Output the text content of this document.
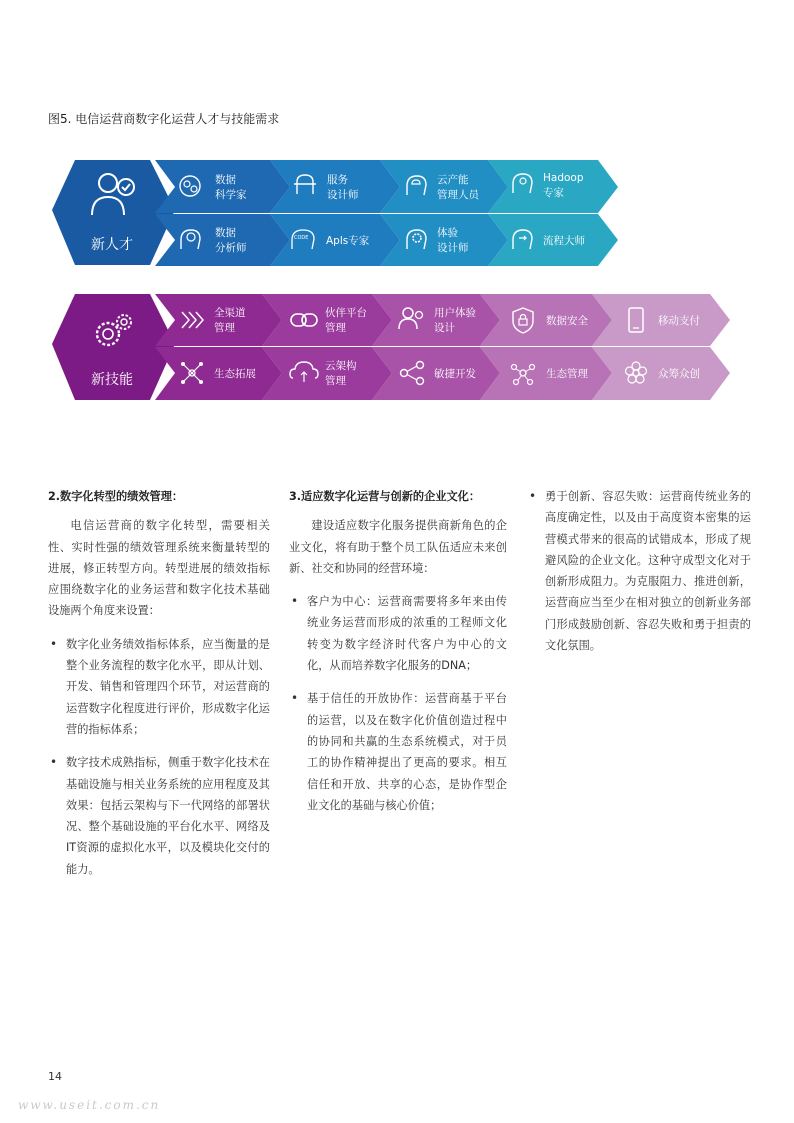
图5. 电信运营商数字化运营人才与技能需求
新人才
数据
科学家
服务
设计师
云产能
管理人员
Hadoop
专家
数据
分析师
CODE Apls专家
体验
设计师
流程大师
新技能
全渠道
管理
伙伴平台
管理
用户体验
设计
数据安全	移动支付
生态拓展
云架构
管理
敏捷开发	生态管理	众筹众创
2.数字化转型的绩效管理：

电信运营商的数字化转型，需要相关性、实时性强的绩效管理系统来衡量转型的进展，修正转型方向。转型进展的绩效指标应围绕数字化的业务运营和数字化技术基础设施两个角度来设置：

• 数字化业务绩效指标体系，应当衡量的是整个业务流程的数字化水平，即从计划、开发、销售和管理四个环节，对运营商的运营数字化程度进行评价，形成数字化运营的指标体系；
• 数字技术成熟指标，侧重于数字化技术在基础设施与相关业务系统的应用程度及其效果：包括云架构与下一代网络的部署状况、整个基础设施的平台化水平、网络及IT资源的虚拟化水平，以及模块化交付的能力。
3.适应数字化运营与创新的企业文化：

建设适应数字化服务提供商新角色的企业文化，将有助于整个员工队伍适应未来创新、社交和协同的经营环境：

• 客户为中心：运营商需要将多年来由传统业务运营而形成的浓重的工程师文化转变为数字经济时代客户为中心的文化，从而培养数字化服务的DNA；
• 基于信任的开放协作：运营商基于平台的运营，以及在数字化价值创造过程中的协同和共赢的生态系统模式，对于员工的协作精神提出了更高的要求。相互信任和开放、共享的心态，是协作型企业文化的基础与核心价值；
• 勇于创新、容忍失败：运营商传统业务的高度确定性，以及由于高度资本密集的运营模式带来的很高的试错成本，形成了规避风险的企业文化。这种守成型文化对于创新形成阻力。为克服阻力、推进创新，运营商应当至少在相对独立的创新业务部门形成鼓励创新、容忍失败和勇于担责的文化氛围。
14
www.useit.com.cn
